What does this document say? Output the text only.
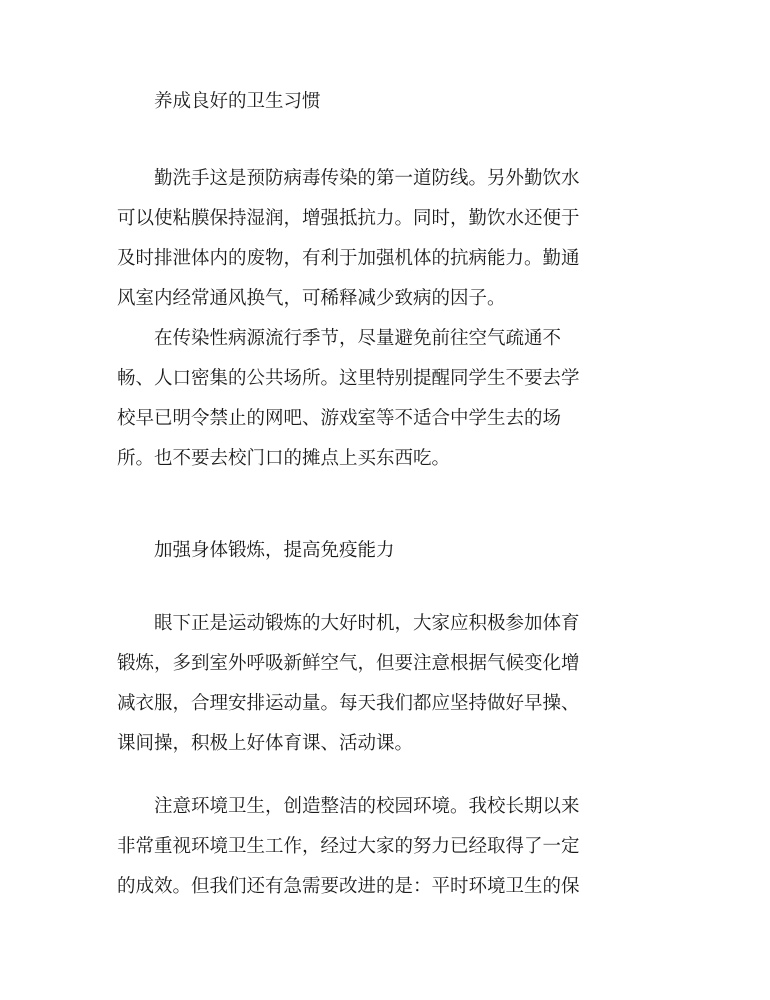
养成良好的卫生习惯
勤洗手这是预防病毒传染的第一道防线。另外勤饮水
可以使粘膜保持湿润，增强抵抗力。同时，勤饮水还便于
及时排泄体内的废物，有利于加强机体的抗病能力。勤通
风室内经常通风换气，可稀释减少致病的因子。
在传染性病源流行季节，尽量避免前往空气疏通不
畅、人口密集的公共场所。这里特别提醒同学生不要去学
校早已明令禁止的网吧、游戏室等不适合中学生去的场
所。也不要去校门口的摊点上买东西吃。
加强身体锻炼，提高免疫能力
眼下正是运动锻炼的大好时机，大家应积极参加体育
锻炼，多到室外呼吸新鲜空气，但要注意根据气候变化增
减衣服，合理安排运动量。每天我们都应坚持做好早操、
课间操，积极上好体育课、活动课。
注意环境卫生，创造整洁的校园环境。我校长期以来
非常重视环境卫生工作，经过大家的努力已经取得了一定
的成效。但我们还有急需要改进的是：平时环境卫生的保
